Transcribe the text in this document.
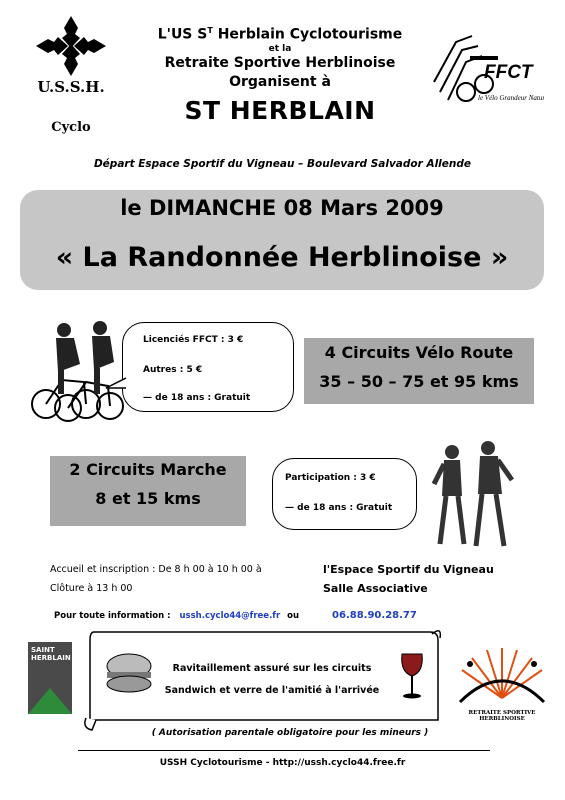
U.S.S.H.
Cyclo
L'US $S^T$ Herblain Cyclotourisme
et la
Retraite Sportive Herblinoise
Organisent à
ST HERBLAIN
FFCT
le Vélo Grandeur Nature
Départ Espace Sportif du Vigneau – Boulevard Salvador Allende
le DIMANCHE 08 Mars 2009
« La Randonnée Herblinoise »
Licenciés FFCT : 3 €
Autres : 5 €
— de 18 ans : Gratuit
4 Circuits Vélo Route
35 – 50 – 75 et 95 kms
2 Circuits Marche
8 et 15 kms
Participation : 3 €
— de 18 ans : Gratuit
Accueil et inscription : De 8 h 00 à 10 h 00 à
Clôture à 13 h 00
l'Espace Sportif du Vigneau
Salle Associative
Pour toute information : ussh.cyclo44@free.fr ou	06.88.90.28.77
SAINT HERBLAIN
Ravitaillement assuré sur les circuits
Sandwich et verre de l'amitié à l'arrivée
RETRAITE SPORTIVE HERBLINOISE
( Autorisation parentale obligatoire pour les mineurs )
USSH Cyclotourisme - http://ussh.cyclo44.free.fr
